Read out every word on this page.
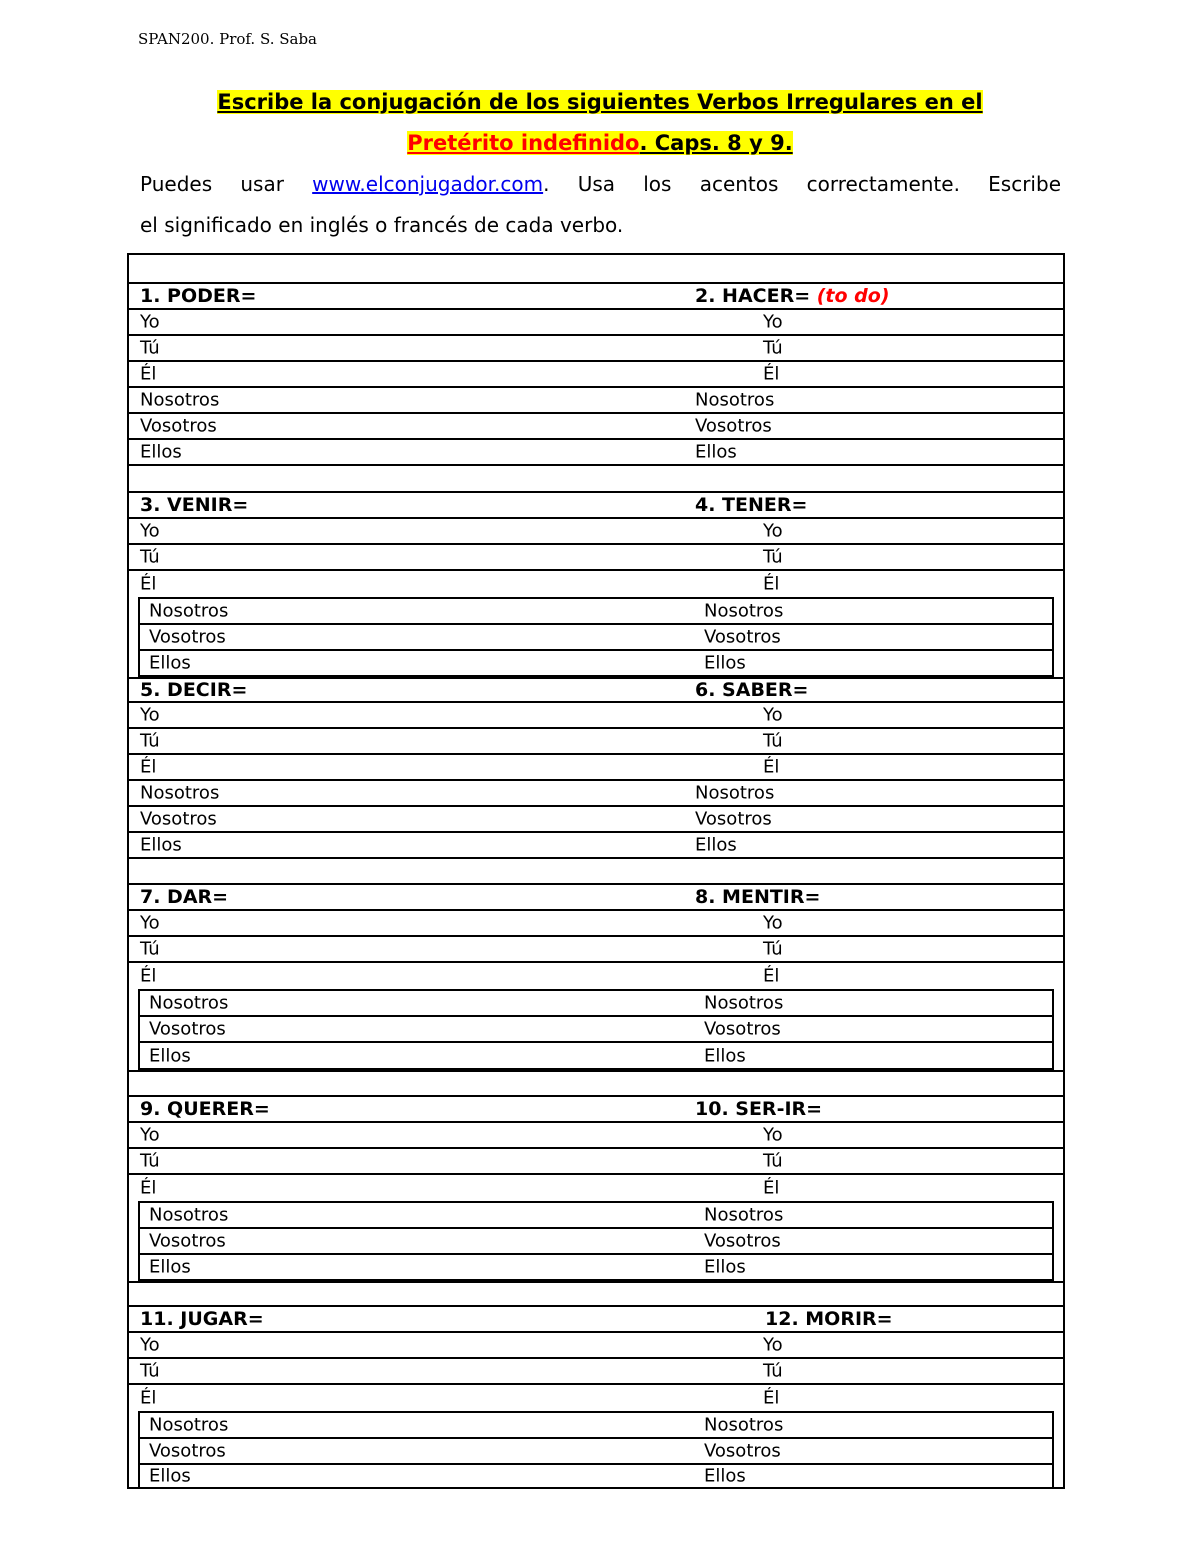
SPAN200. Prof. S. Saba
Escribe la conjugación de los siguientes Verbos Irregulares en el
Pretérito indefinido. Caps. 8 y 9.
Puedes usar www.elconjugador.com. Usa los acentos correctamente. Escribe
el significado en inglés o francés de cada verbo.
1. PODER=	2. HACER= (to do)
Yo	Yo
Tú	Tú
Él	Él
Nosotros	Nosotros
Vosotros	Vosotros
Ellos	Ellos
3. VENIR=	4. TENER=
Yo	Yo
Tú	Tú
Él	Él
Nosotros	Nosotros
Vosotros	Vosotros
Ellos	Ellos
5. DECIR=	6. SABER=
Yo	Yo
Tú	Tú
Él	Él
Nosotros	Nosotros
Vosotros	Vosotros
Ellos	Ellos
7. DAR=	8. MENTIR=
Yo	Yo
Tú	Tú
Él	Él
Nosotros	Nosotros
Vosotros	Vosotros
Ellos	Ellos
9. QUERER=	10. SER-IR=
Yo	Yo
Tú	Tú
Él	Él
Nosotros	Nosotros
Vosotros	Vosotros
Ellos	Ellos
11. JUGAR=	12. MORIR=
Yo	Yo
Tú	Tú
Él	Él
Nosotros	Nosotros
Vosotros	Vosotros
Ellos	Ellos
